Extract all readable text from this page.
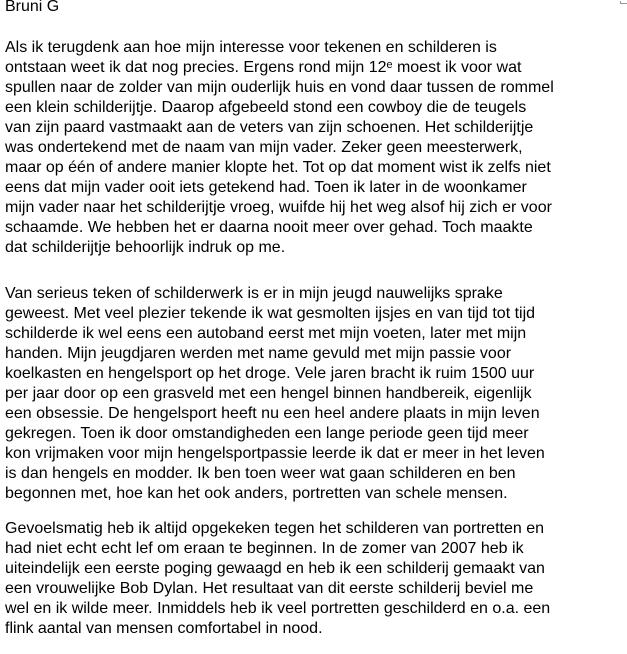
Bruni G
Als ik terugdenk aan hoe mijn interesse voor tekenen en schilderen is
ontstaan weet ik dat nog precies. Ergens rond mijn 12ᵉ moest ik voor wat
spullen naar de zolder van mijn ouderlijk huis en vond daar tussen de rommel
een klein schilderijtje. Daarop afgebeeld stond een cowboy die de teugels
van zijn paard vastmaakt aan de veters van zijn schoenen. Het schilderijtje
was ondertekend met de naam van mijn vader. Zeker geen meesterwerk,
maar op één of andere manier klopte het. Tot op dat moment wist ik zelfs niet
eens dat mijn vader ooit iets getekend had. Toen ik later in de woonkamer
mijn vader naar het schilderijtje vroeg, wuifde hij het weg alsof hij zich er voor
schaamde. We hebben het er daarna nooit meer over gehad. Toch maakte
dat schilderijtje behoorlijk indruk op me.
Van serieus teken of schilderwerk is er in mijn jeugd nauwelijks sprake
geweest. Met veel plezier tekende ik wat gesmolten ijsjes en van tijd tot tijd
schilderde ik wel eens een autoband eerst met mijn voeten, later met mijn
handen. Mijn jeugdjaren werden met name gevuld met mijn passie voor
koelkasten en hengelsport op het droge. Vele jaren bracht ik ruim 1500 uur
per jaar door op een grasveld met een hengel binnen handbereik, eigenlijk
een obsessie. De hengelsport heeft nu een heel andere plaats in mijn leven
gekregen. Toen ik door omstandigheden een lange periode geen tijd meer
kon vrijmaken voor mijn hengelsportpassie leerde ik dat er meer in het leven
is dan hengels en modder. Ik ben toen weer wat gaan schilderen en ben
begonnen met, hoe kan het ook anders, portretten van schele mensen.
Gevoelsmatig heb ik altijd opgekeken tegen het schilderen van portretten en
had niet echt echt lef om eraan te beginnen. In de zomer van 2007 heb ik
uiteindelijk een eerste poging gewaagd en heb ik een schilderij gemaakt van
een vrouwelijke Bob Dylan. Het resultaat van dit eerste schilderij beviel me
wel en ik wilde meer. Inmiddels heb ik veel portretten geschilderd en o.a. een
flink aantal van mensen comfortabel in nood.
